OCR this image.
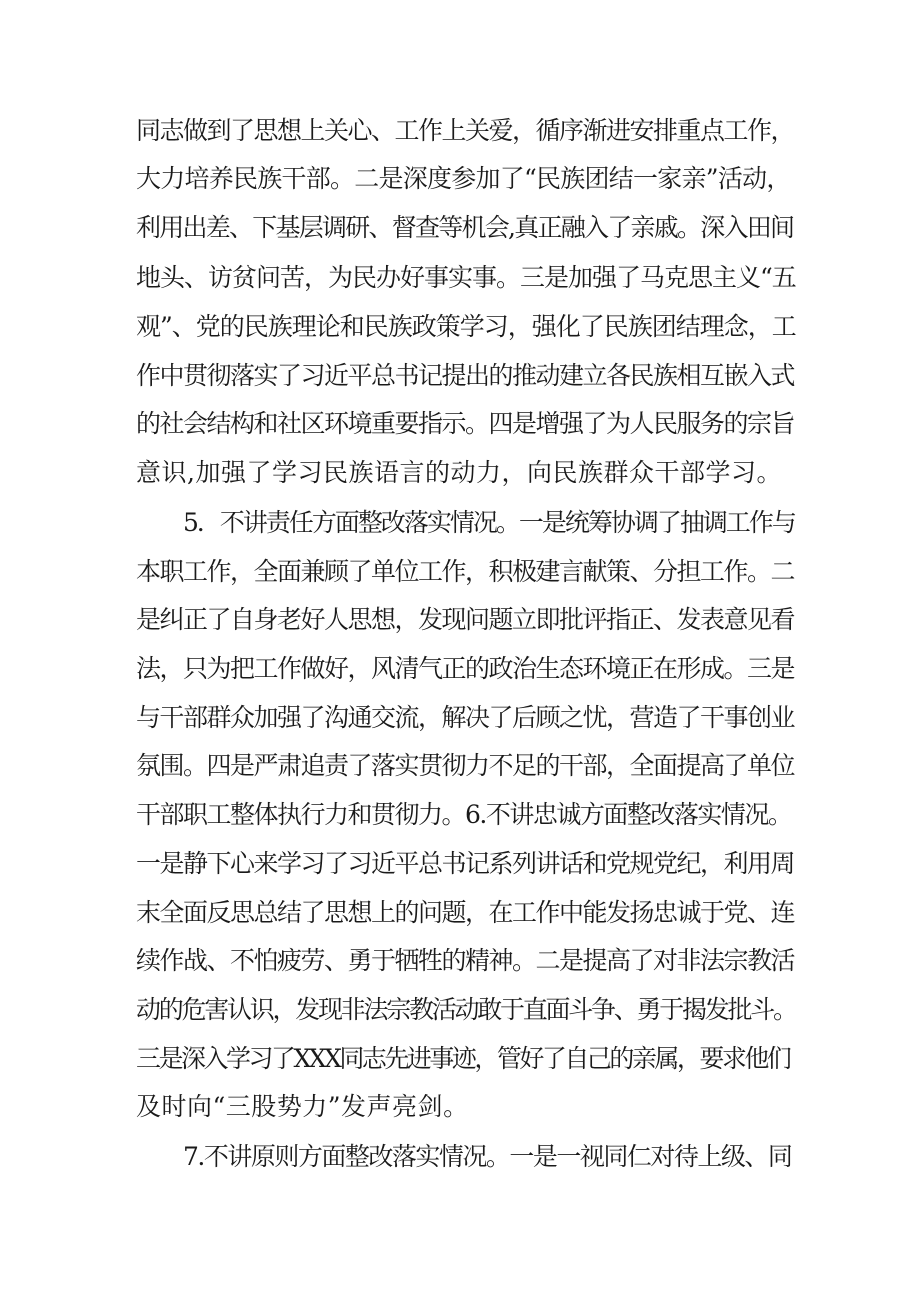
同志做到了思想上关心、工作上关爱，循序渐进安排重点工作，
大力培养民族干部。二是深度参加了“民族团结一家亲”活动，
利用出差、下基层调研、督查等机会,真正融入了亲戚。深入田间
地头、访贫问苦，为民办好事实事。三是加强了马克思主义“五
观”、党的民族理论和民族政策学习，强化了民族团结理念，工
作中贯彻落实了习近平总书记提出的推动建立各民族相互嵌入式
的社会结构和社区环境重要指示。四是增强了为人民服务的宗旨
意识,加强了学习民族语言的动力，向民族群众干部学习。
5．不讲责任方面整改落实情况。一是统筹协调了抽调工作与
本职工作，全面兼顾了单位工作，积极建言献策、分担工作。二
是纠正了自身老好人思想，发现问题立即批评指正、发表意见看
法，只为把工作做好，风清气正的政治生态环境正在形成。三是
与干部群众加强了沟通交流，解决了后顾之忧，营造了干事创业
氛围。四是严肃追责了落实贯彻力不足的干部，全面提高了单位
干部职工整体执行力和贯彻力。6.不讲忠诚方面整改落实情况。
一是静下心来学习了习近平总书记系列讲话和党规党纪，利用周
末全面反思总结了思想上的问题，在工作中能发扬忠诚于党、连
续作战、不怕疲劳、勇于牺牲的精神。二是提高了对非法宗教活
动的危害认识，发现非法宗教活动敢于直面斗争、勇于揭发批斗。
三是深入学习了XXX同志先进事迹，管好了自己的亲属，要求他们
及时向“三股势力”发声亮剑。
7.不讲原则方面整改落实情况。一是一视同仁对待上级、同
